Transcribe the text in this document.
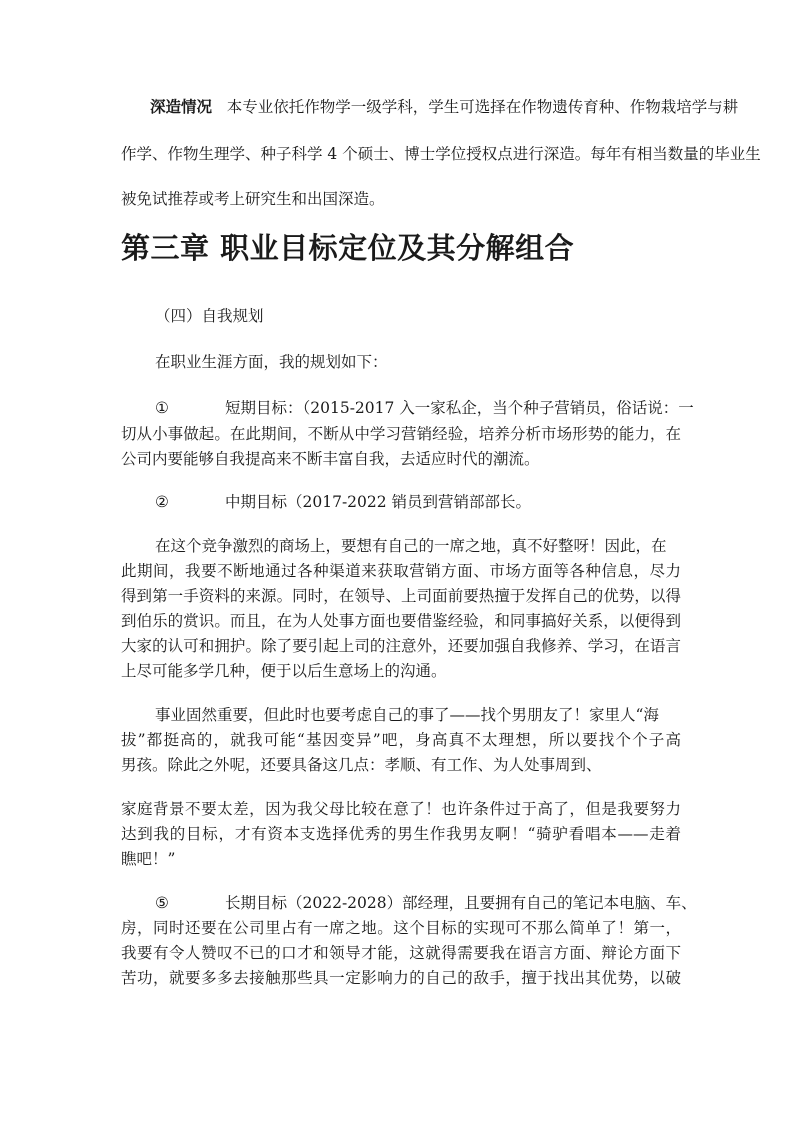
深造情况 本专业依托作物学一级学科，学生可选择在作物遗传育种、作物栽培学与耕
作学、作物生理学、种子科学 4 个硕士、博士学位授权点进行深造。每年有相当数量的毕业生
被免试推荐或考上研究生和出国深造。
第三章 职业目标定位及其分解组合
（四）自我规划
在职业生涯方面，我的规划如下：
①	短期目标：（2015-2017 入一家私企，当个种子营销员，俗话说：一
切从小事做起。在此期间，不断从中学习营销经验，培养分析市场形势的能力，在
公司内要能够自我提高来不断丰富自我，去适应时代的潮流。
②	中期目标（2017-2022 销员到营销部部长。
在这个竞争激烈的商场上，要想有自己的一席之地，真不好整呀！因此，在
此期间，我要不断地通过各种渠道来获取营销方面、市场方面等各种信息，尽力
得到第一手资料的来源。同时，在领导、上司面前要热擅于发挥自己的优势，以得
到伯乐的赏识。而且，在为人处事方面也要借鉴经验，和同事搞好关系，以便得到
大家的认可和拥护。除了要引起上司的注意外，还要加强自我修养、学习，在语言
上尽可能多学几种，便于以后生意场上的沟通。
事业固然重要，但此时也要考虑自己的事了——找个男朋友了！家里人“海
拔”都挺高的，就我可能“基因变异”吧，身高真不太理想，所以要找个个子高
男孩。除此之外呢，还要具备这几点：孝顺、有工作、为人处事周到、
家庭背景不要太差，因为我父母比较在意了！也许条件过于高了，但是我要努力
达到我的目标，才有资本支选择优秀的男生作我男友啊！“骑驴看唱本——走着
瞧吧！”
⑤	长期目标（2022-2028）部经理，且要拥有自己的笔记本电脑、车、
房，同时还要在公司里占有一席之地。这个目标的实现可不那么简单了！第一，
我要有令人赞叹不已的口才和领导才能，这就得需要我在语言方面、辩论方面下
苦功，就要多多去接触那些具一定影响力的自己的敌手，擅于找出其优势，以破
